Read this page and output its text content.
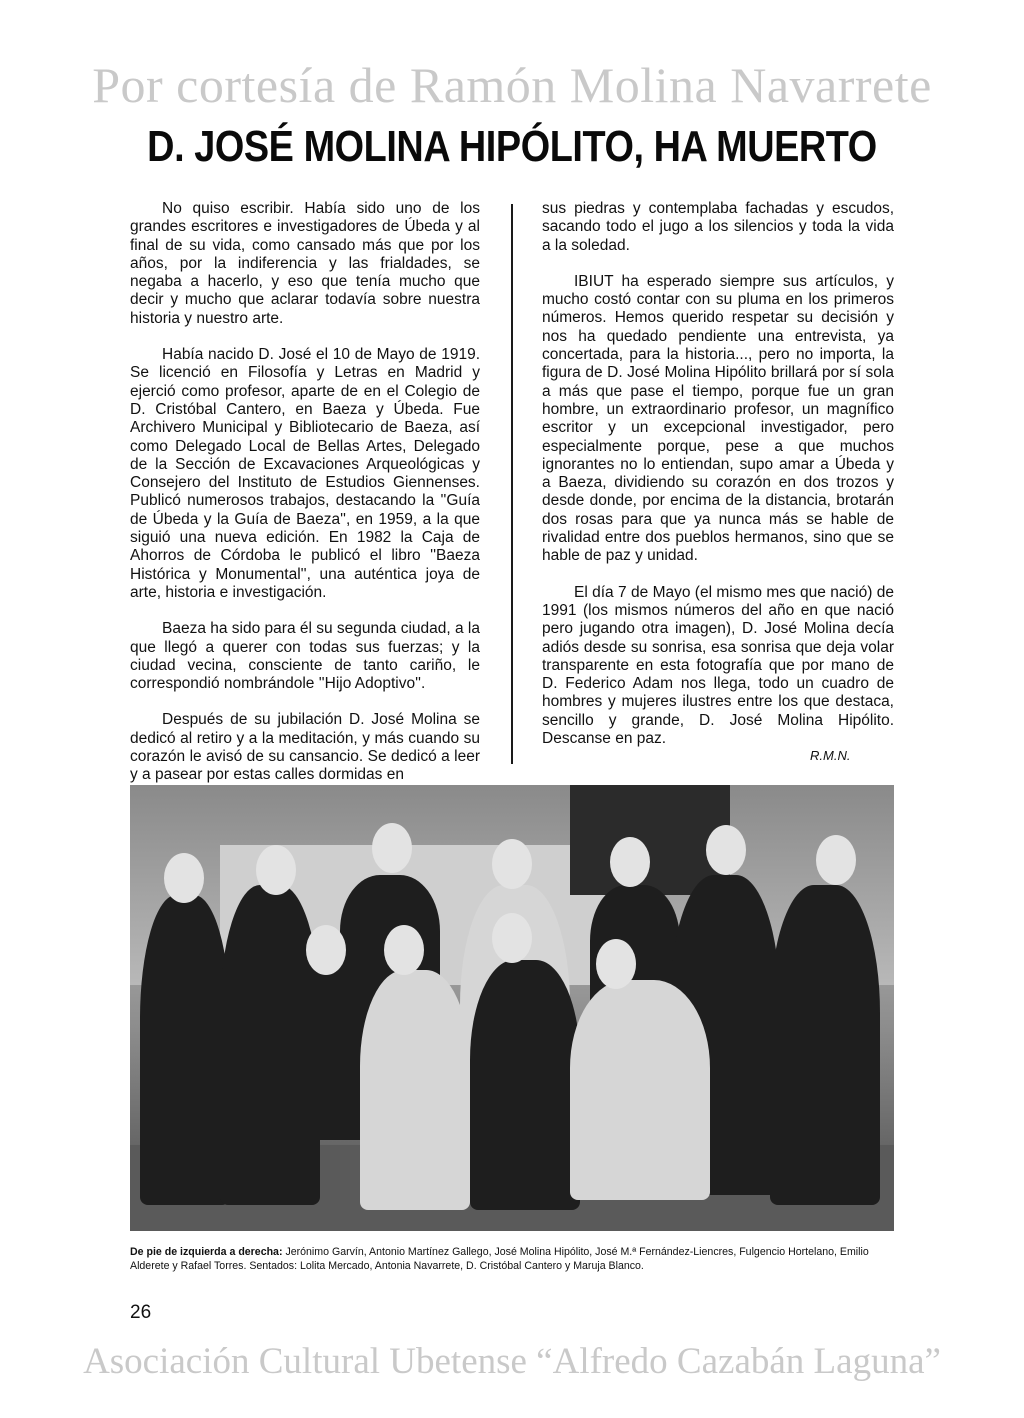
Por cortesía de Ramón Molina Navarrete
D. JOSÉ MOLINA HIPÓLITO, HA MUERTO

No quiso escribir. Había sido uno de los grandes escritores e investigadores de Úbeda y al final de su vida, como cansado más que por los años, por la indiferencia y las frialdades, se negaba a hacerlo, y eso que tenía mucho que decir y mucho que aclarar todavía sobre nuestra historia y nuestro arte.

Había nacido D. José el 10 de Mayo de 1919. Se licenció en Filosofía y Letras en Madrid y ejerció como profesor, aparte de en el Colegio de D. Cristóbal Cantero, en Baeza y Úbeda. Fue Archivero Municipal y Bibliotecario de Baeza, así como Delegado Local de Bellas Artes, Delegado de la Sección de Excavaciones Arqueológicas y Consejero del Instituto de Estudios Giennenses. Publicó numerosos trabajos, destacando la ''Guía de Úbeda y la Guía de Baeza'', en 1959, a la que siguió una nueva edición. En 1982 la Caja de Ahorros de Córdoba le publicó el libro ''Baeza Histórica y Monumental'', una auténtica joya de arte, historia e investigación.

Baeza ha sido para él su segunda ciudad, a la que llegó a querer con todas sus fuerzas; y la ciudad vecina, consciente de tanto cariño, le correspondió nombrándole ''Hijo Adoptivo''.

Después de su jubilación D. José Molina se dedicó al retiro y a la meditación, y más cuando su corazón le avisó de su cansancio. Se dedicó a leer y a pasear por estas calles dormidas en

sus piedras y contemplaba fachadas y escudos, sacando todo el jugo a los silencios y toda la vida a la soledad.

IBIUT ha esperado siempre sus artículos, y mucho costó contar con su pluma en los primeros números. Hemos querido respetar su decisión y nos ha quedado pendiente una entrevista, ya concertada, para la historia..., pero no importa, la figura de D. José Molina Hipólito brillará por sí sola a más que pase el tiempo, porque fue un gran hombre, un extraordinario profesor, un magnífico escritor y un excepcional investigador, pero especialmente porque, pese a que muchos ignorantes no lo entiendan, supo amar a Úbeda y a Baeza, dividiendo su corazón en dos trozos y desde donde, por encima de la distancia, brotarán dos rosas para que ya nunca más se hable de rivalidad entre dos pueblos hermanos, sino que se hable de paz y unidad.

El día 7 de Mayo (el mismo mes que nació) de 1991 (los mismos números del año en que nació pero jugando otra imagen), D. José Molina decía adiós desde su sonrisa, esa sonrisa que deja volar transparente en esta fotografía que por mano de D. Federico Adam nos llega, todo un cuadro de hombres y mujeres ilustres entre los que destaca, sencillo y grande, D. José Molina Hipólito. Descanse en paz.

R.M.N.
De pie de izquierda a derecha: Jerónimo Garvín, Antonio Martínez Gallego, José Molina Hipólito, José M.ª Fernández-Liencres, Fulgencio Hortelano, Emilio Alderete y Rafael Torres. Sentados: Lolita Mercado, Antonia Navarrete, D. Cristóbal Cantero y Maruja Blanco.
26
Asociación Cultural Ubetense “Alfredo Cazabán Laguna”
